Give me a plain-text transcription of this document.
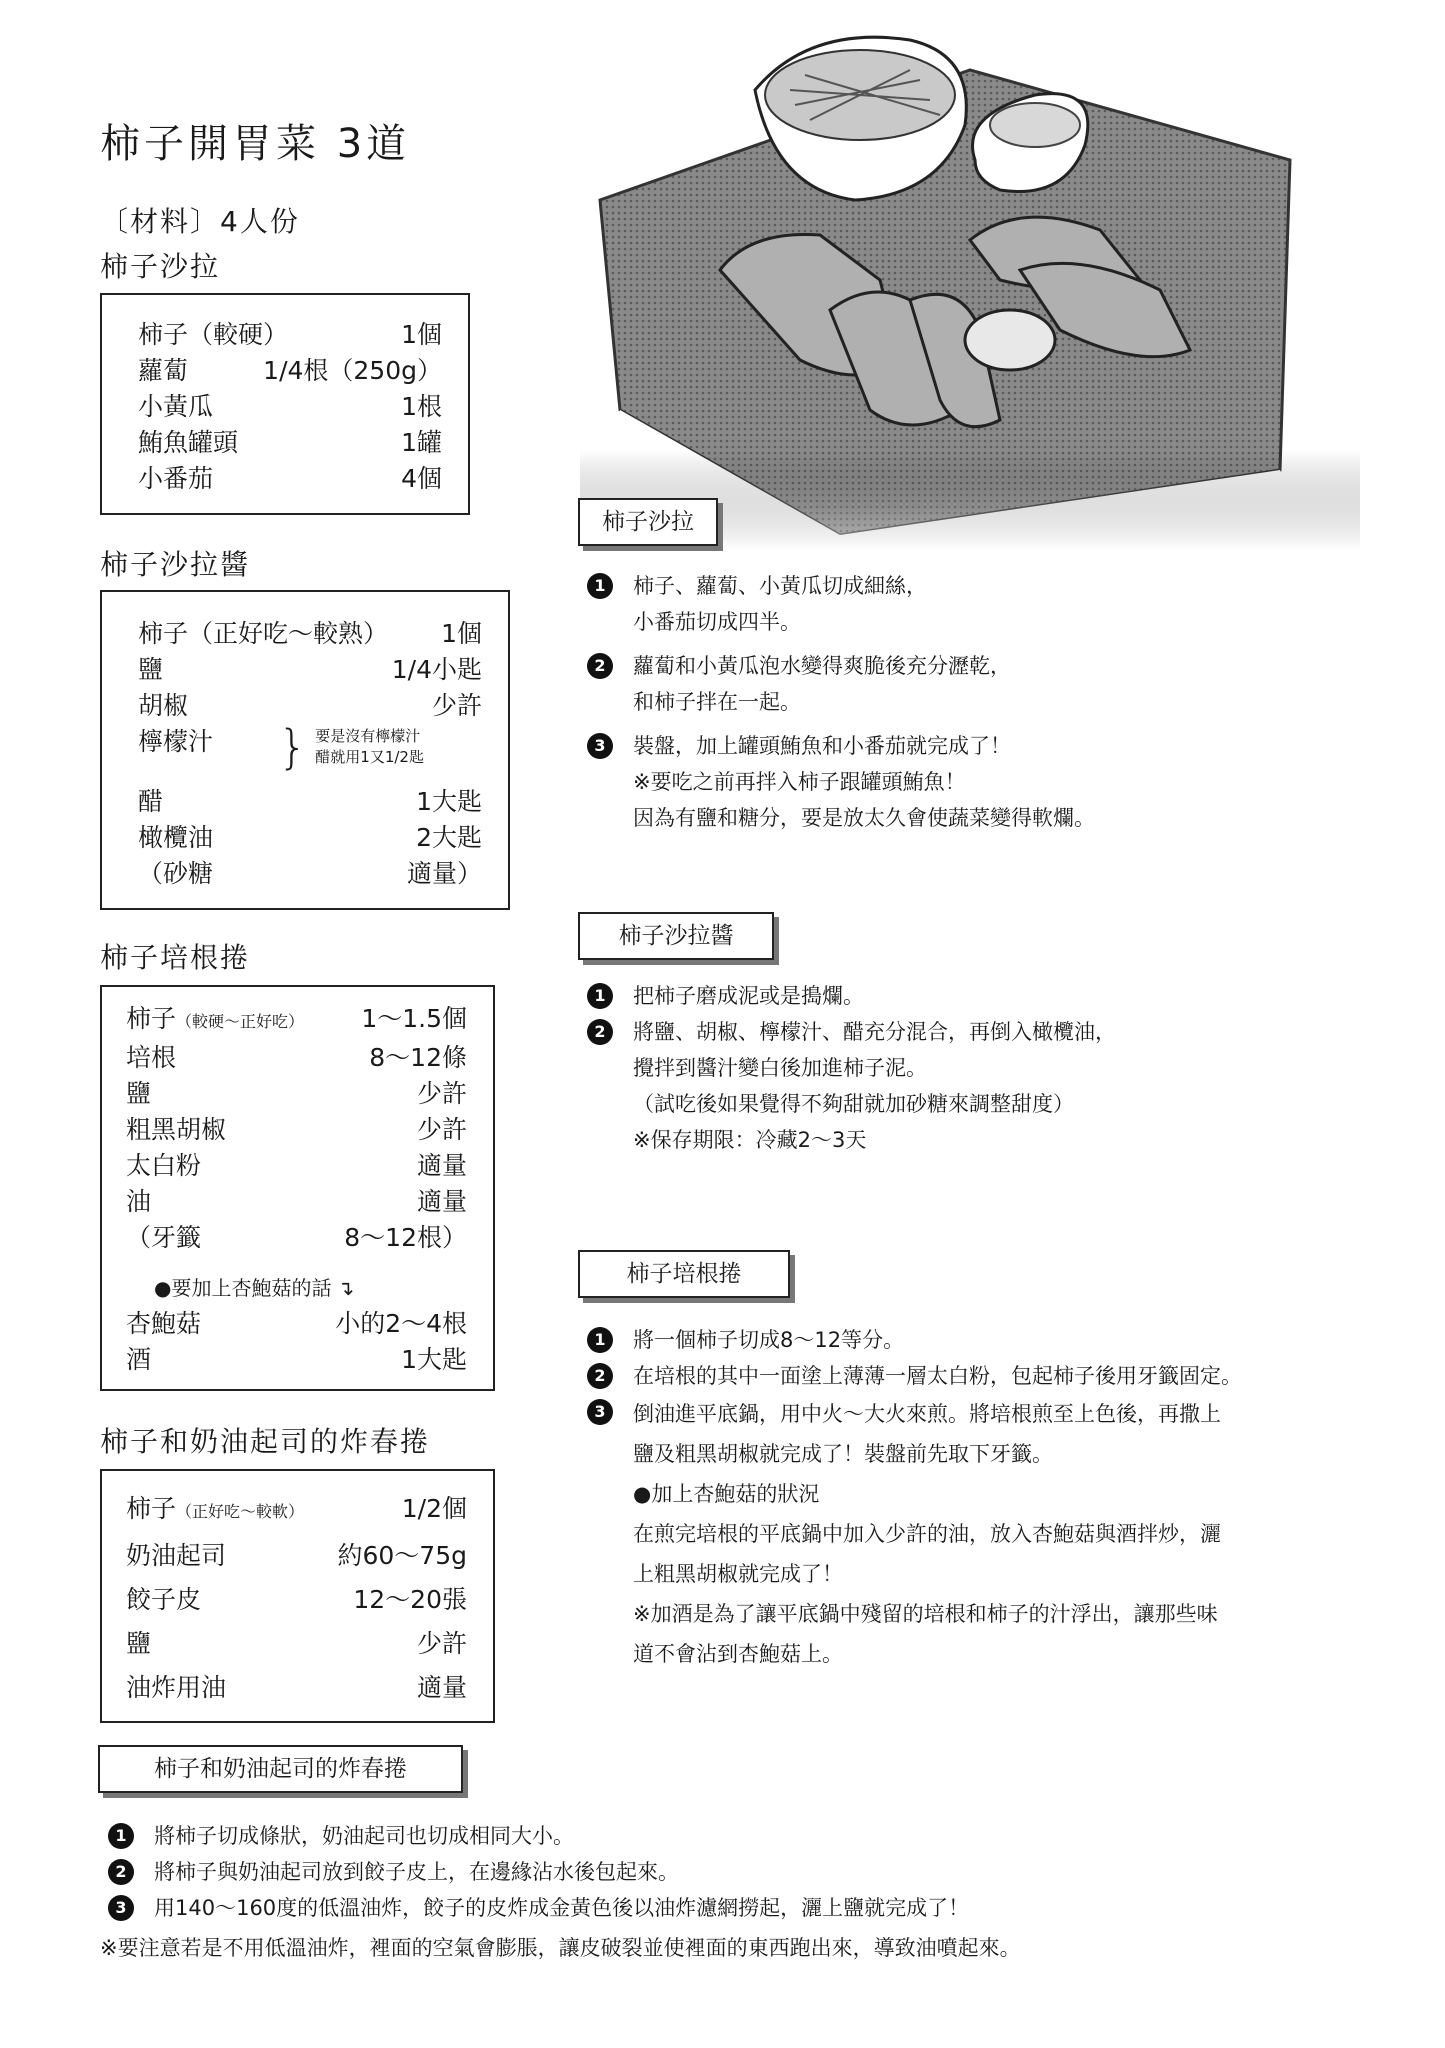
柿子開胃菜 3道
〔材料〕4人份
柿子沙拉
柿子（較硬）	1個
蘿蔔	1/4根（250g）
小黃瓜	1根
鮪魚罐頭	1罐
小番茄	4個
柿子沙拉醬
柿子（正好吃～較熟） 1個
鹽	1/4小匙
胡椒	少許
檸檬汁	} 要是沒有檸檬汁
醋就用1又1/2匙
醋	1大匙
橄欖油	2大匙
（砂糖	適量）
柿子培根捲
柿子（較硬～正好吃） 1～1.5個
培根	8～12條
鹽	少許
粗黑胡椒	少許
太白粉	適量
油	適量
（牙籤	8～12根）
●要加上杏鮑菇的話 ↴
杏鮑菇	小的2～4根
酒	1大匙
柿子和奶油起司的炸春捲
柿子（正好吃～較軟）	1/2個
奶油起司	約60～75g
餃子皮	12～20張
鹽	少許
油炸用油	適量
柿子沙拉
1	柿子、蘿蔔、小黃瓜切成細絲，
小番茄切成四半。
2	蘿蔔和小黃瓜泡水變得爽脆後充分瀝乾，
和柿子拌在一起。
3	裝盤，加上罐頭鮪魚和小番茄就完成了！
※要吃之前再拌入柿子跟罐頭鮪魚！
因為有鹽和糖分，要是放太久會使蔬菜變得軟爛。
柿子沙拉醬
1	把柿子磨成泥或是搗爛。
2	將鹽、胡椒、檸檬汁、醋充分混合，再倒入橄欖油，
攪拌到醬汁變白後加進柿子泥。
（試吃後如果覺得不夠甜就加砂糖來調整甜度）
※保存期限：冷藏2～3天
柿子培根捲
1	將一個柿子切成8～12等分。
2	在培根的其中一面塗上薄薄一層太白粉，包起柿子後用牙籤固定。
3	倒油進平底鍋，用中火～大火來煎。將培根煎至上色後，再撒上
鹽及粗黑胡椒就完成了！裝盤前先取下牙籤。
●加上杏鮑菇的狀況
在煎完培根的平底鍋中加入少許的油，放入杏鮑菇與酒拌炒，灑
上粗黑胡椒就完成了！
※加酒是為了讓平底鍋中殘留的培根和柿子的汁浮出，讓那些味
道不會沾到杏鮑菇上。
柿子和奶油起司的炸春捲
1	將柿子切成條狀，奶油起司也切成相同大小。
2	將柿子與奶油起司放到餃子皮上，在邊緣沾水後包起來。
3	用140～160度的低溫油炸，餃子的皮炸成金黃色後以油炸濾網撈起，灑上鹽就完成了！
※要注意若是不用低溫油炸，裡面的空氣會膨脹，讓皮破裂並使裡面的東西跑出來，導致油噴起來。
